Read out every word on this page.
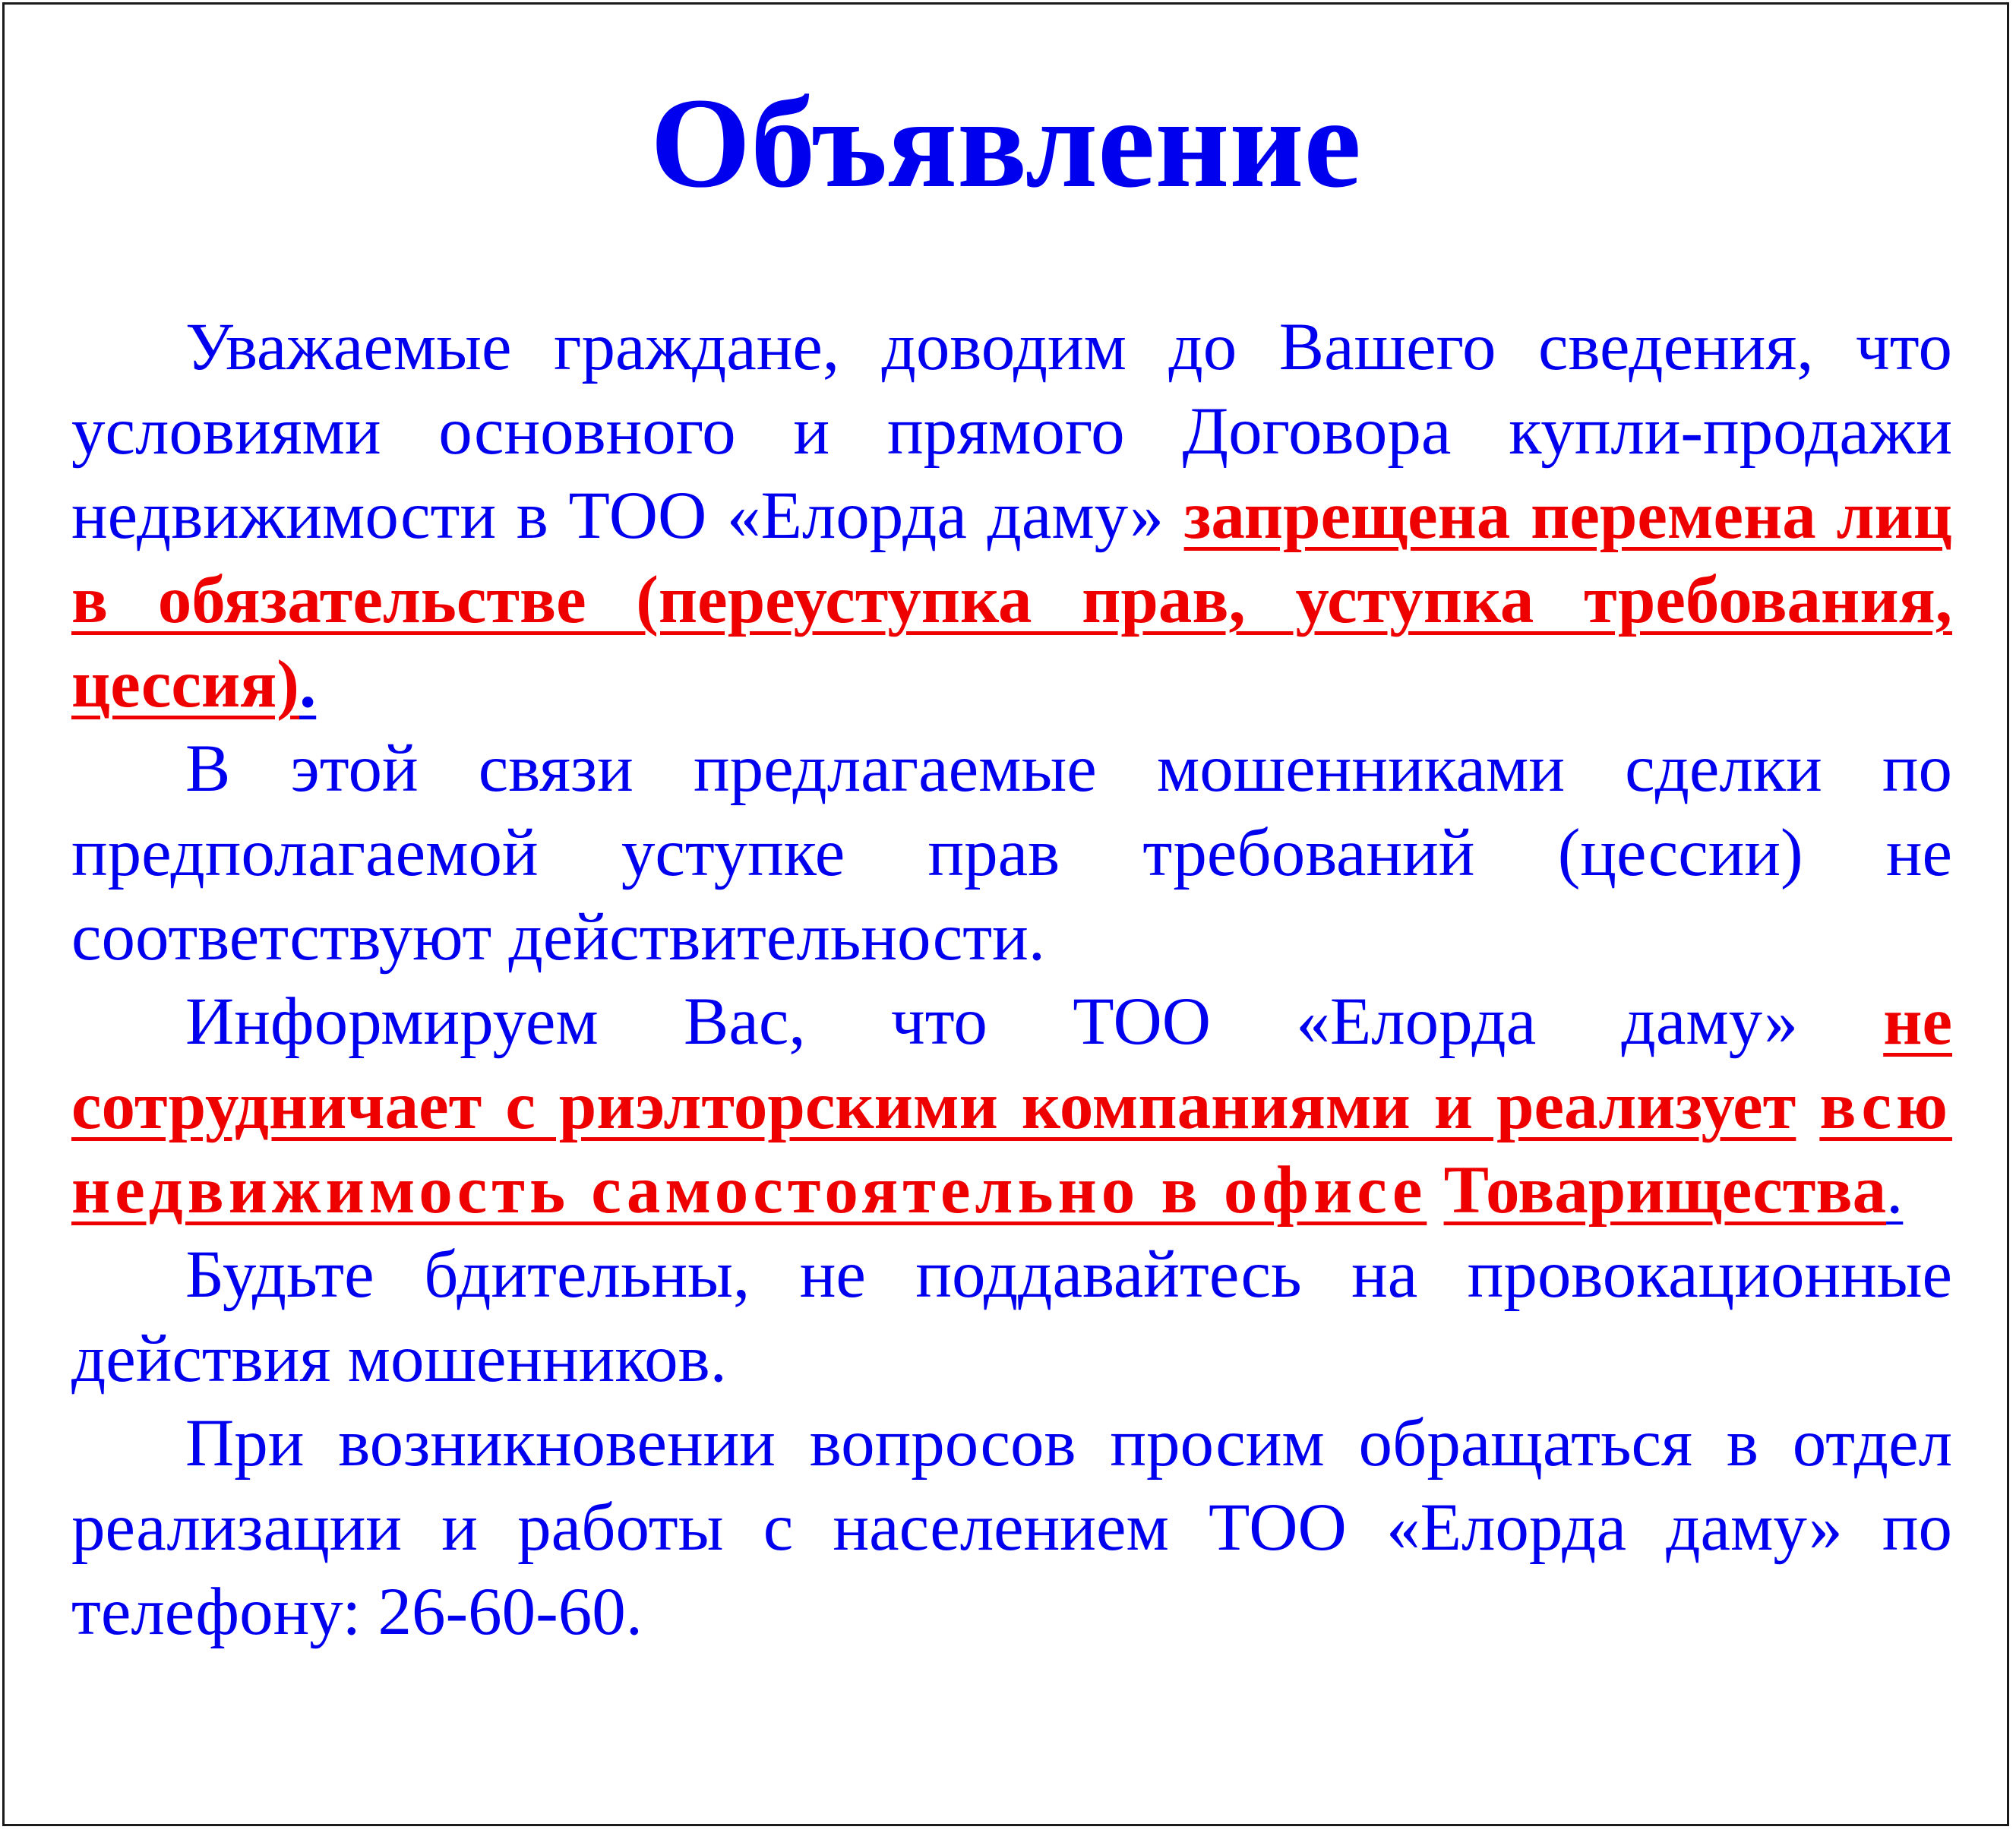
Объявление

Уважаемые граждане, доводим до Вашего сведения, что условиями основного и прямого Договора купли-продажи недвижимости в ТОО «Елорда даму» запрещена перемена лиц в обязательстве (переуступка прав, уступка требования, цессия).

В этой связи предлагаемые мошенниками сделки по предполагаемой уступке прав требований (цессии) не соответствуют действительности.

Информируем Вас, что ТОО «Елорда даму» не сотрудничает с риэлторскими компаниями и реализует всю недвижимость самостоятельно в офисе Товарищества.

Будьте бдительны, не поддавайтесь на провокационные действия мошенников.

При возникновении вопросов просим обращаться в отдел реализации и работы с населением ТОО «Елорда даму» по телефону: 26-60-60.
